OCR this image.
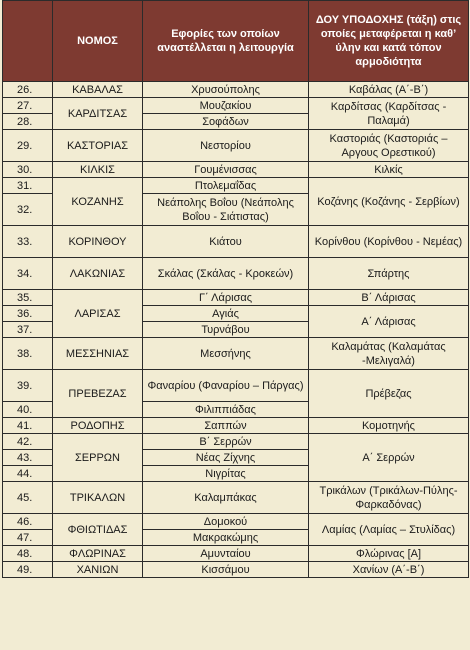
	ΝΟΜΟΣ	Εφορίες των οποίων αναστέλλεται η λειτουργία	ΔΟΥ ΥΠΟΔΟΧΗΣ (τάξη) στις οποίες μεταφέρεται η καθ’ ύλην και κατά τόπον αρμοδιότητα
26.	ΚΑΒΑΛΑΣ	Χρυσούπολης	Καβάλας (Α΄-Β΄)
27.	ΚΑΡΔΙΤΣΑΣ	Μουζακίου	Καρδίτσας (Καρδίτσας - Παλαμά)
28.		Σοφάδων	
29.	ΚΑΣΤΟΡΙΑΣ	Νεστορίου	Καστοριάς (Καστοριάς – Αργους Ορεστικού)
30.	ΚΙΛΚΙΣ	Γουμένισσας	Κιλκίς
31.	ΚΟΖΑΝΗΣ	Πτολεμαΐδας	Κοζάνης (Κοζάνης - Σερβίων)
32.		Νεάπολης Βοΐου (Νεάπολης Βοΐου - Σιάτιστας)	
33.	ΚΟΡΙΝΘΟΥ	Κιάτου	Κορίνθου (Κορίνθου - Νεμέας)
34.	ΛΑΚΩΝΙΑΣ	Σκάλας (Σκάλας - Κροκεών)	Σπάρτης
35.	ΛΑΡΙΣΑΣ	Γ΄ Λάρισας	Β΄ Λάρισας
36.		Αγιάς	Α΄ Λάρισας
37.		Τυρνάβου	
38.	ΜΕΣΣΗΝΙΑΣ	Μεσσήνης	Καλαμάτας (Καλαμάτας -Μελιγαλά)
39.	ΠΡΕΒΕΖΑΣ	Φαναρίου (Φαναρίου – Πάργας)	Πρέβεζας
40.		Φιλιππιάδας	
41.	ΡΟΔΟΠΗΣ	Σαππών	Κομοτηνής
42.	ΣΕΡΡΩΝ	Β΄ Σερρών	Α΄ Σερρών
43.		Νέας Ζίχνης	
44.		Νιγρίτας	
45.	ΤΡΙΚΑΛΩΝ	Καλαμπάκας	Τρικάλων (Τρικάλων-Πύλης-Φαρκαδόνας)
46.	ΦΘΙΩΤΙΔΑΣ	Δομοκού	Λαμίας (Λαμίας – Στυλίδας)
47.		Μακρακώμης	
48.	ΦΛΩΡΙΝΑΣ	Αμυνταίου	Φλώρινας [Α]
49.	ΧΑΝΙΩΝ	Κισσάμου	Χανίων (Α΄-Β΄)
